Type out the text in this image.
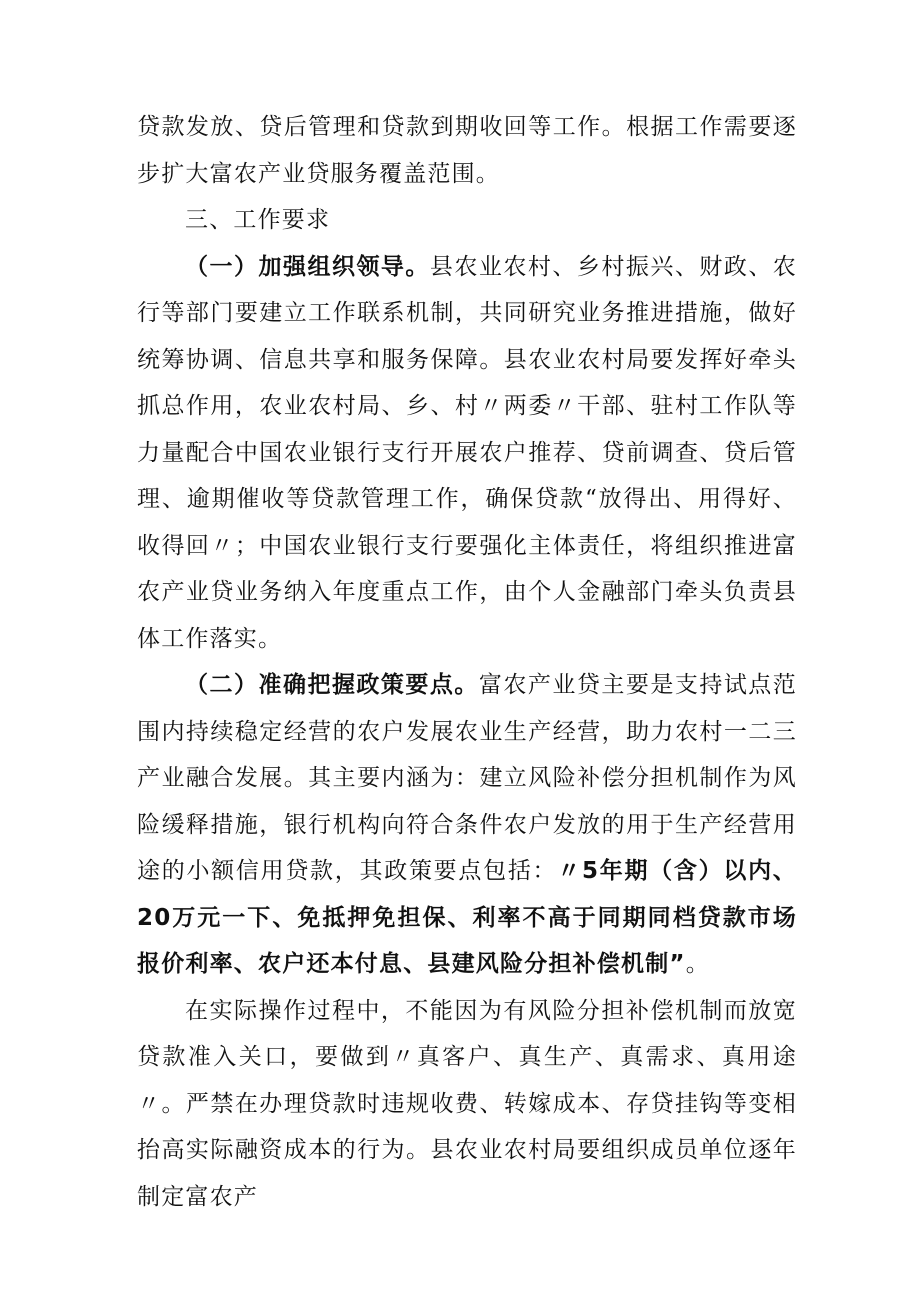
贷款发放、贷后管理和贷款到期收回等工作。根据工作需要逐步扩大富农产业贷服务覆盖范围。

三、工作要求

（一）加强组织领导。县农业农村、乡村振兴、财政、农行等部门要建立工作联系机制，共同研究业务推进措施，做好统筹协调、信息共享和服务保障。县农业农村局要发挥好牵头抓总作用，农业农村局、乡、村〃两委〃干部、驻村工作队等力量配合中国农业银行支行开展农户推荐、贷前调查、贷后管理、逾期催收等贷款管理工作，确保贷款“放得出、用得好、收得回〃；中国农业银行支行要强化主体责任，将组织推进富农产业贷业务纳入年度重点工作，由个人金融部门牵头负责县体工作落实。

（二）准确把握政策要点。富农产业贷主要是支持试点范围内持续稳定经营的农户发展农业生产经营，助力农村一二三产业融合发展。其主要内涵为：建立风险补偿分担机制作为风险缓释措施，银行机构向符合条件农户发放的用于生产经营用途的小额信用贷款，其政策要点包括：〃5年期（含）以内、20万元一下、免抵押免担保、利率不高于同期同档贷款市场报价利率、农户还本付息、县建风险分担补偿机制”。

在实际操作过程中，不能因为有风险分担补偿机制而放宽贷款准入关口，要做到〃真客户、真生产、真需求、真用途〃。严禁在办理贷款时违规收费、转嫁成本、存贷挂钩等变相抬高实际融资成本的行为。县农业农村局要组织成员单位逐年制定富农产
